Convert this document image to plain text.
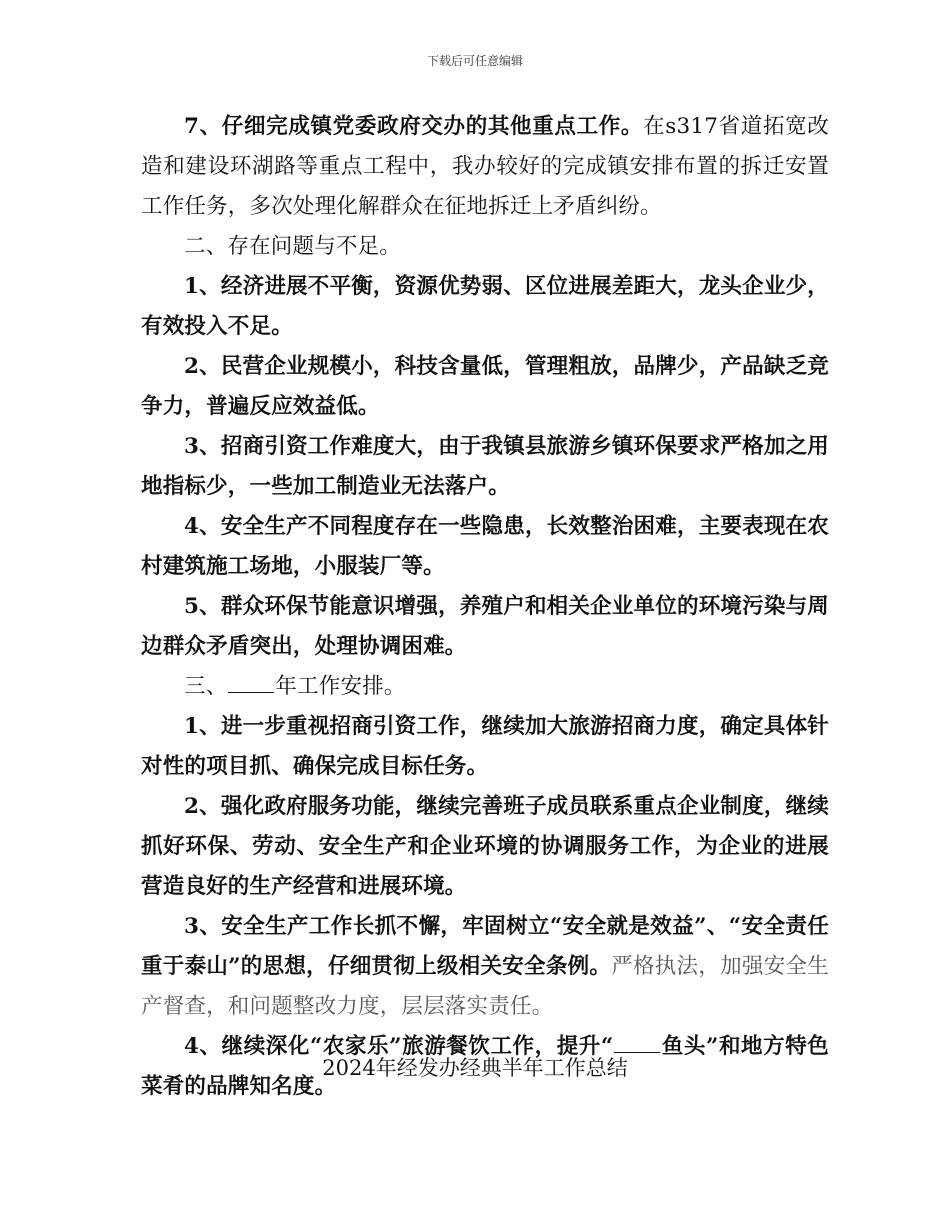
下载后可任意编辑

7、仔细完成镇党委政府交办的其他重点工作。在s317省道拓宽改造和建设环湖路等重点工程中，我办较好的完成镇安排布置的拆迁安置工作任务，多次处理化解群众在征地拆迁上矛盾纠纷。

二、存在问题与不足。

1、经济进展不平衡，资源优势弱、区位进展差距大，龙头企业少，有效投入不足。

2、民营企业规模小，科技含量低，管理粗放，品牌少，产品缺乏竞争力，普遍反应效益低。

3、招商引资工作难度大，由于我镇县旅游乡镇环保要求严格加之用地指标少，一些加工制造业无法落户。

4、安全生产不同程度存在一些隐患，长效整治困难，主要表现在农村建筑施工场地，小服装厂等。

5、群众环保节能意识增强，养殖户和相关企业单位的环境污染与周边群众矛盾突出，处理协调困难。

三、 年工作安排。

1、进一步重视招商引资工作，继续加大旅游招商力度，确定具体针对性的项目抓、确保完成目标任务。

2、强化政府服务功能，继续完善班子成员联系重点企业制度，继续抓好环保、劳动、安全生产和企业环境的协调服务工作，为企业的进展营造良好的生产经营和进展环境。

3、安全生产工作长抓不懈，牢固树立“安全就是效益”、“安全责任重于泰山”的思想，仔细贯彻上级相关安全条例。严格执法，加强安全生产督查，和问题整改力度，层层落实责任。

4、继续深化“农家乐”旅游餐饮工作，提升“ 鱼头”和地方特色菜肴的品牌知名度。

2024年经发办经典半年工作总结
